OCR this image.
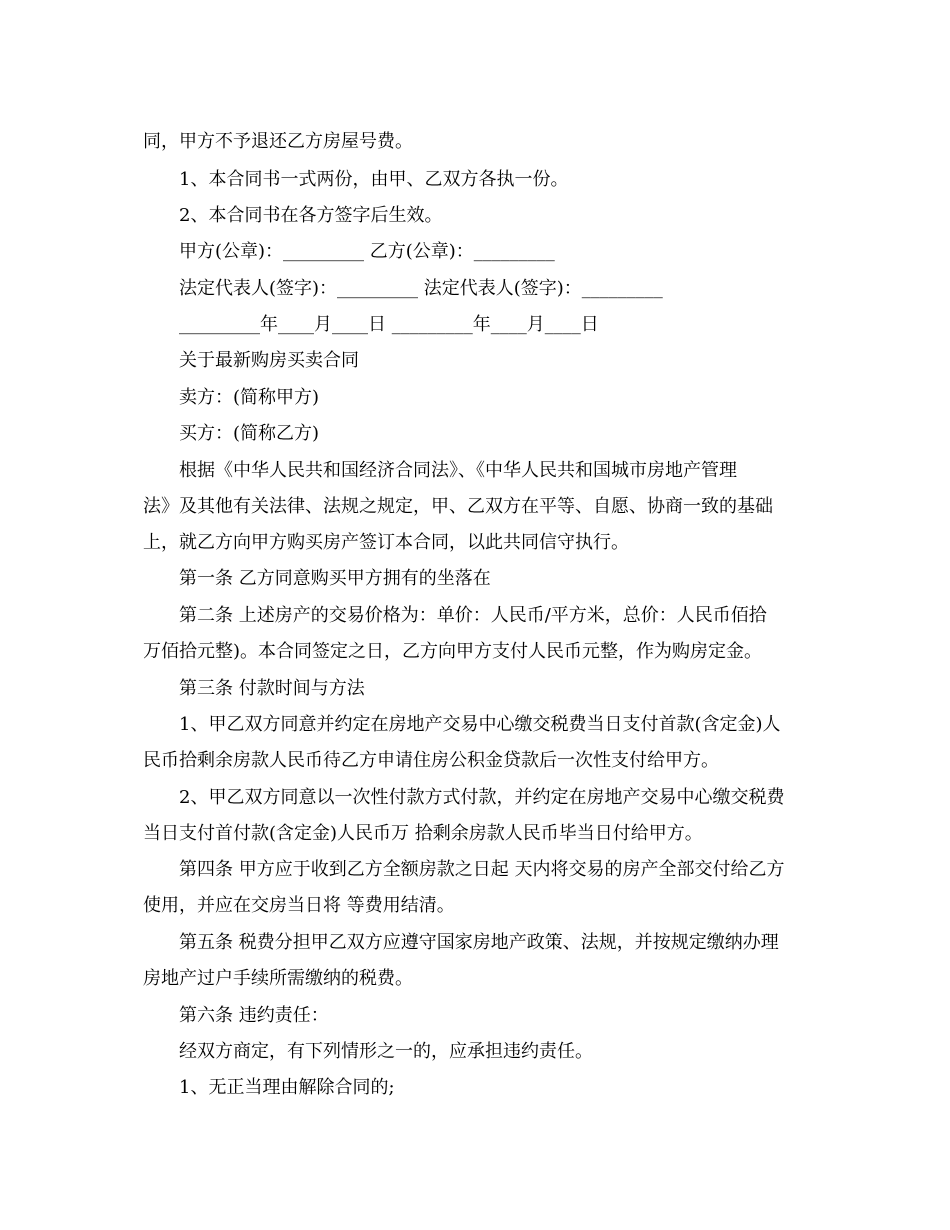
同，甲方不予退还乙方房屋号费。
1、本合同书一式两份，由甲、乙双方各执一份。
2、本合同书在各方签字后生效。
甲方(公章)：_________ 乙方(公章)：_________
法定代表人(签字)：_________ 法定代表人(签字)：_________
_________年____月____日 _________年____月____日
关于最新购房买卖合同
卖方：(简称甲方)
买方：(简称乙方)
根据《中华人民共和国经济合同法》、《中华人民共和国城市房地产管理
法》及其他有关法律、法规之规定，甲、乙双方在平等、自愿、协商一致的基础
上，就乙方向甲方购买房产签订本合同，以此共同信守执行。
第一条 乙方同意购买甲方拥有的坐落在
第二条 上述房产的交易价格为：单价：人民币/平方米，总价：人民币佰拾
万佰拾元整)。本合同签定之日，乙方向甲方支付人民币元整，作为购房定金。
第三条 付款时间与方法
1、甲乙双方同意并约定在房地产交易中心缴交税费当日支付首款(含定金)人
民币拾剩余房款人民币待乙方申请住房公积金贷款后一次性支付给甲方。
2、甲乙双方同意以一次性付款方式付款，并约定在房地产交易中心缴交税费
当日支付首付款(含定金)人民币万 拾剩余房款人民币毕当日付给甲方。
第四条 甲方应于收到乙方全额房款之日起 天内将交易的房产全部交付给乙方
使用，并应在交房当日将 等费用结清。
第五条 税费分担甲乙双方应遵守国家房地产政策、法规，并按规定缴纳办理
房地产过户手续所需缴纳的税费。
第六条 违约责任：
经双方商定，有下列情形之一的，应承担违约责任。
1、无正当理由解除合同的;
